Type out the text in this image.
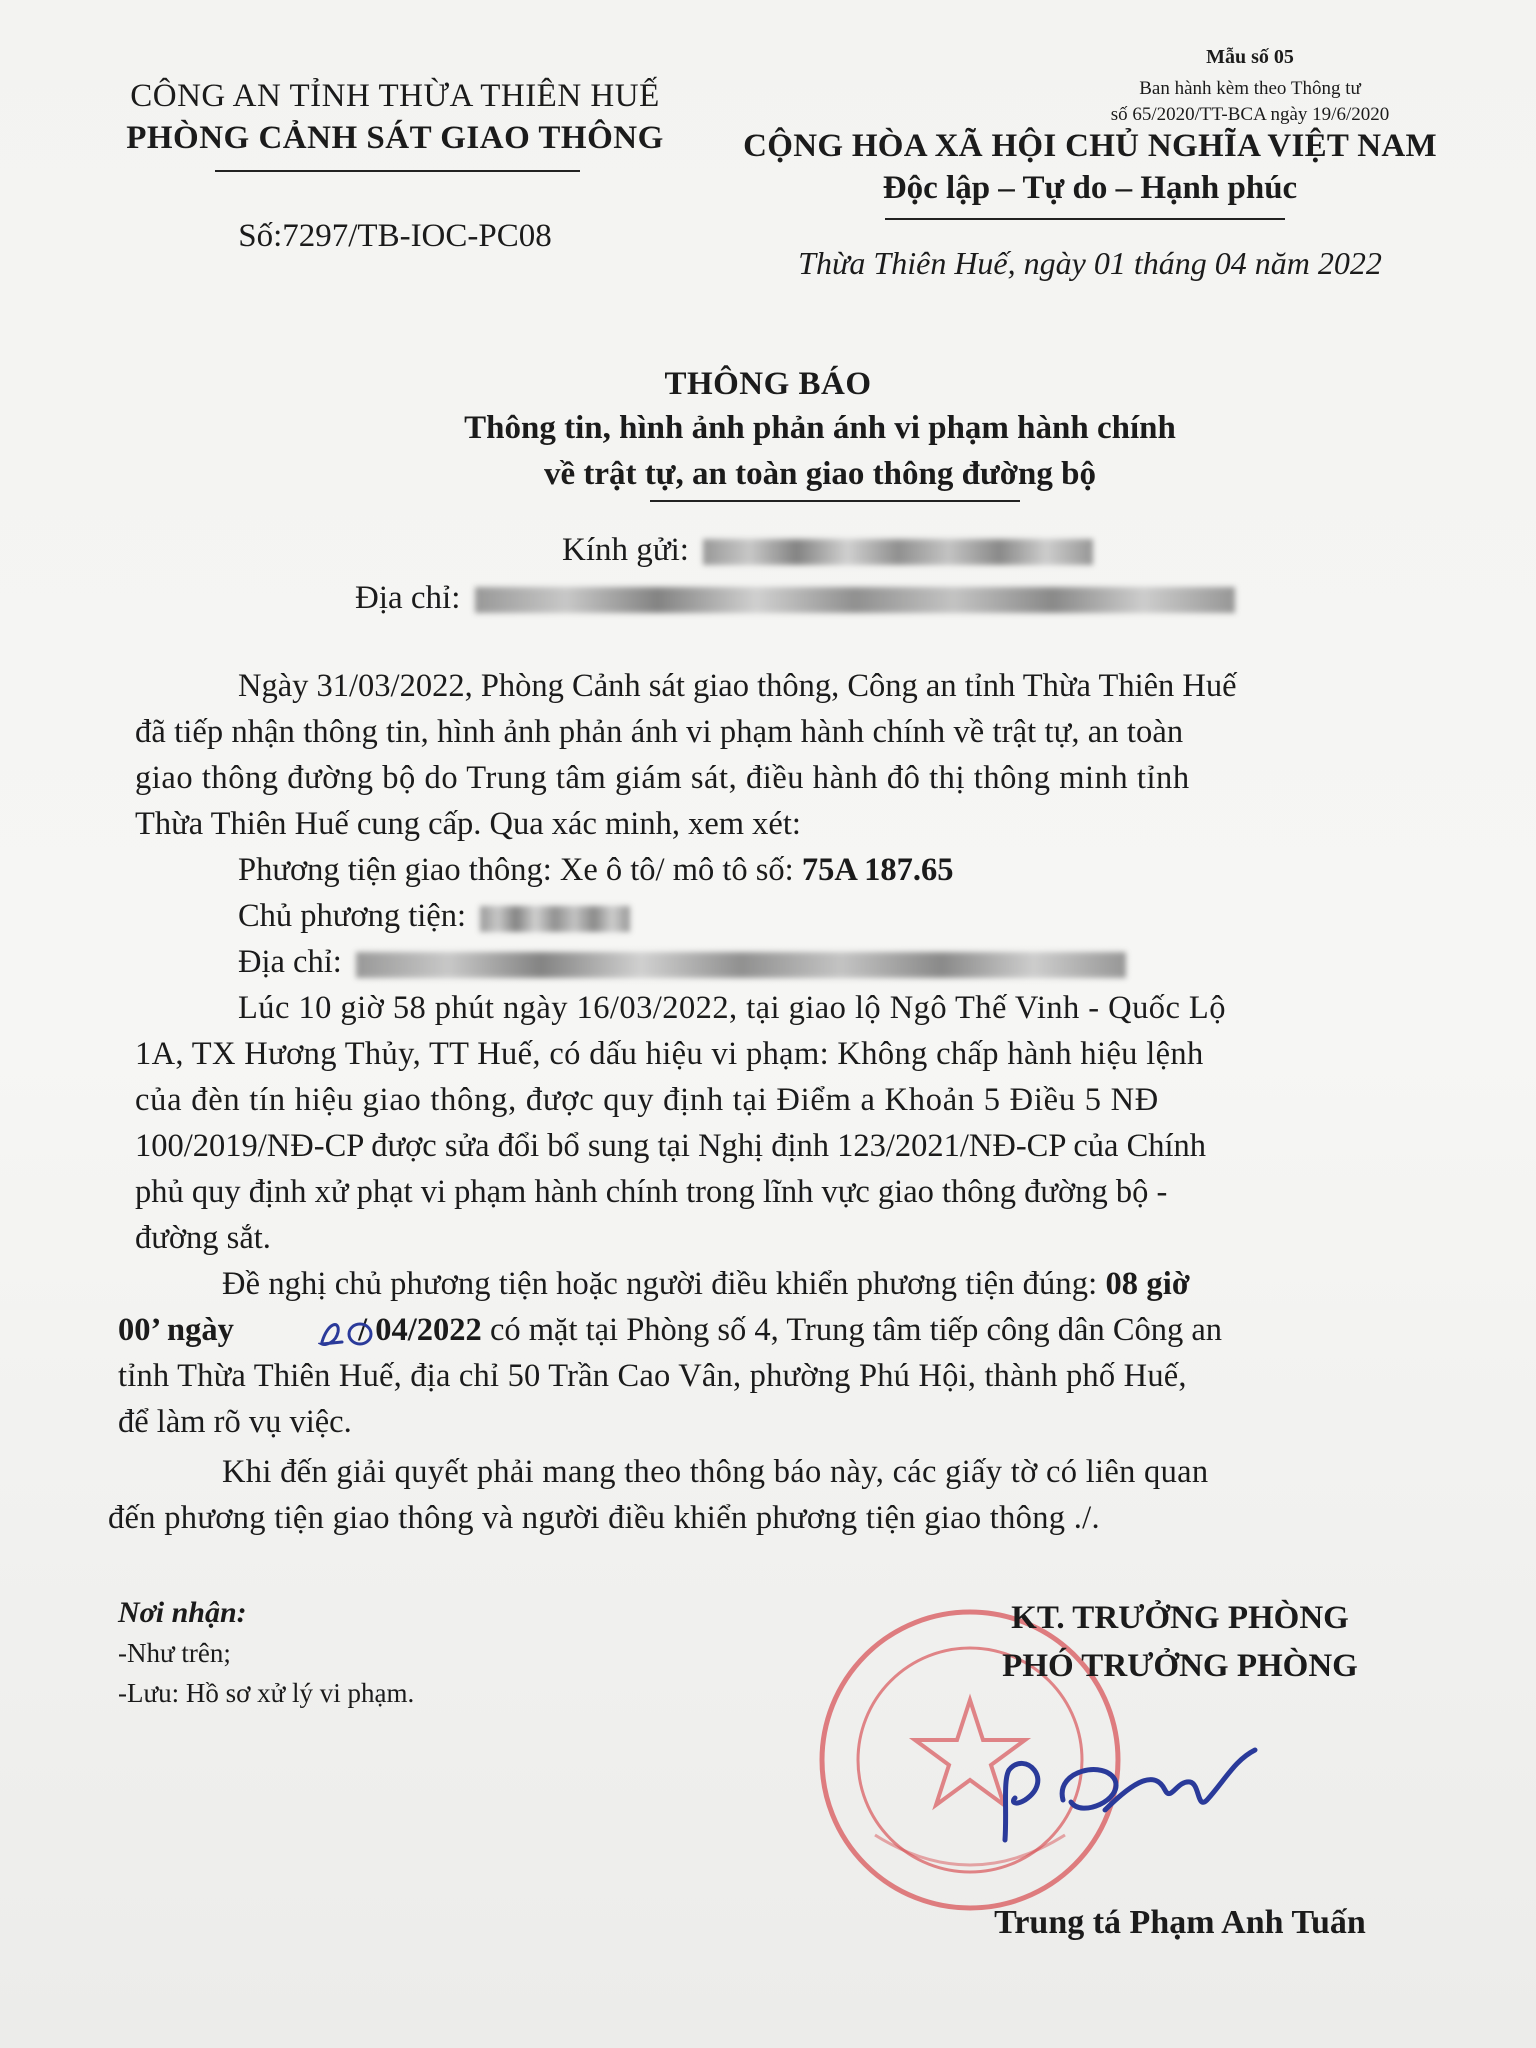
CÔNG AN TỈNH THỪA THIÊN HUẾ
PHÒNG CẢNH SÁT GIAO THÔNG
Số:7297/TB-IOC-PC08
Mẫu số 05
Ban hành kèm theo Thông tư
số 65/2020/TT-BCA ngày 19/6/2020
CỘNG HÒA XÃ HỘI CHỦ NGHĨA VIỆT NAM
Độc lập – Tự do – Hạnh phúc
Thừa Thiên Huế, ngày 01 tháng 04 năm 2022
THÔNG BÁO
Thông tin, hình ảnh phản ánh vi phạm hành chính
về trật tự, an toàn giao thông đường bộ
Kính gửi:
Địa chỉ:
Ngày 31/03/2022, Phòng Cảnh sát giao thông, Công an tỉnh Thừa Thiên Huế
đã tiếp nhận thông tin, hình ảnh phản ánh vi phạm hành chính về trật tự, an toàn
giao thông đường bộ do Trung tâm giám sát, điều hành đô thị thông minh tỉnh
Thừa Thiên Huế cung cấp. Qua xác minh, xem xét:
Phương tiện giao thông: Xe ô tô/ mô tô số: 75A 187.65
Chủ phương tiện:
Địa chỉ:
Lúc 10 giờ 58 phút ngày 16/03/2022, tại giao lộ Ngô Thế Vinh - Quốc Lộ
1A, TX Hương Thủy, TT Huế, có dấu hiệu vi phạm: Không chấp hành hiệu lệnh
của đèn tín hiệu giao thông, được quy định tại Điểm a Khoản 5 Điều 5 NĐ
100/2019/NĐ-CP được sửa đổi bổ sung tại Nghị định 123/2021/NĐ-CP của Chính
phủ quy định xử phạt vi phạm hành chính trong lĩnh vực giao thông đường bộ -
đường sắt.
Đề nghị chủ phương tiện hoặc người điều khiển phương tiện đúng: 08 giờ
00’ ngày	/ 04/2022 có mặt tại Phòng số 4, Trung tâm tiếp công dân Công an
tỉnh Thừa Thiên Huế, địa chỉ 50 Trần Cao Vân, phường Phú Hội, thành phố Huế,
để làm rõ vụ việc.
Khi đến giải quyết phải mang theo thông báo này, các giấy tờ có liên quan
đến phương tiện giao thông và người điều khiển phương tiện giao thông ./.
Nơi nhận:
-Như trên;
-Lưu: Hồ sơ xử lý vi phạm.
KT. TRƯỞNG PHÒNG
PHÓ TRƯỞNG PHÒNG
Trung tá Phạm Anh Tuấn
